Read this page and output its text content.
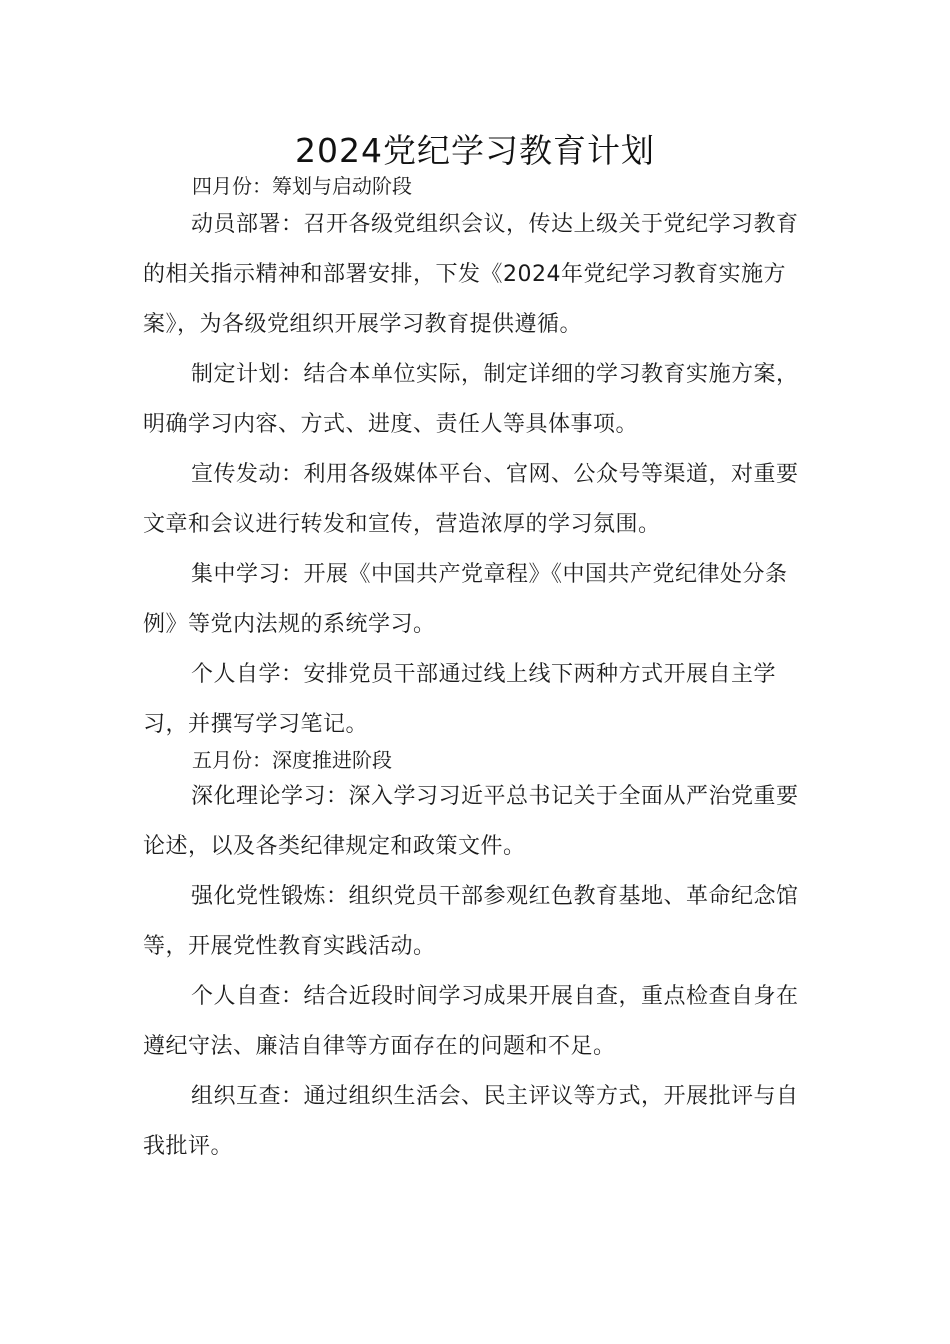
2024党纪学习教育计划
四月份：筹划与启动阶段

动员部署：召开各级党组织会议，传达上级关于党纪学习教育的相关指示精神和部署安排，下发《2024年党纪学习教育实施方案》，为各级党组织开展学习教育提供遵循。

制定计划：结合本单位实际，制定详细的学习教育实施方案，明确学习内容、方式、进度、责任人等具体事项。

宣传发动：利用各级媒体平台、官网、公众号等渠道，对重要文章和会议进行转发和宣传，营造浓厚的学习氛围。

集中学习：开展《中国共产党章程》《中国共产党纪律处分条例》等党内法规的系统学习。

个人自学：安排党员干部通过线上线下两种方式开展自主学习，并撰写学习笔记。

五月份：深度推进阶段

深化理论学习：深入学习习近平总书记关于全面从严治党重要论述，以及各类纪律规定和政策文件。

强化党性锻炼：组织党员干部参观红色教育基地、革命纪念馆等，开展党性教育实践活动。

个人自查：结合近段时间学习成果开展自查，重点检查自身在遵纪守法、廉洁自律等方面存在的问题和不足。

组织互查：通过组织生活会、民主评议等方式，开展批评与自我批评。
